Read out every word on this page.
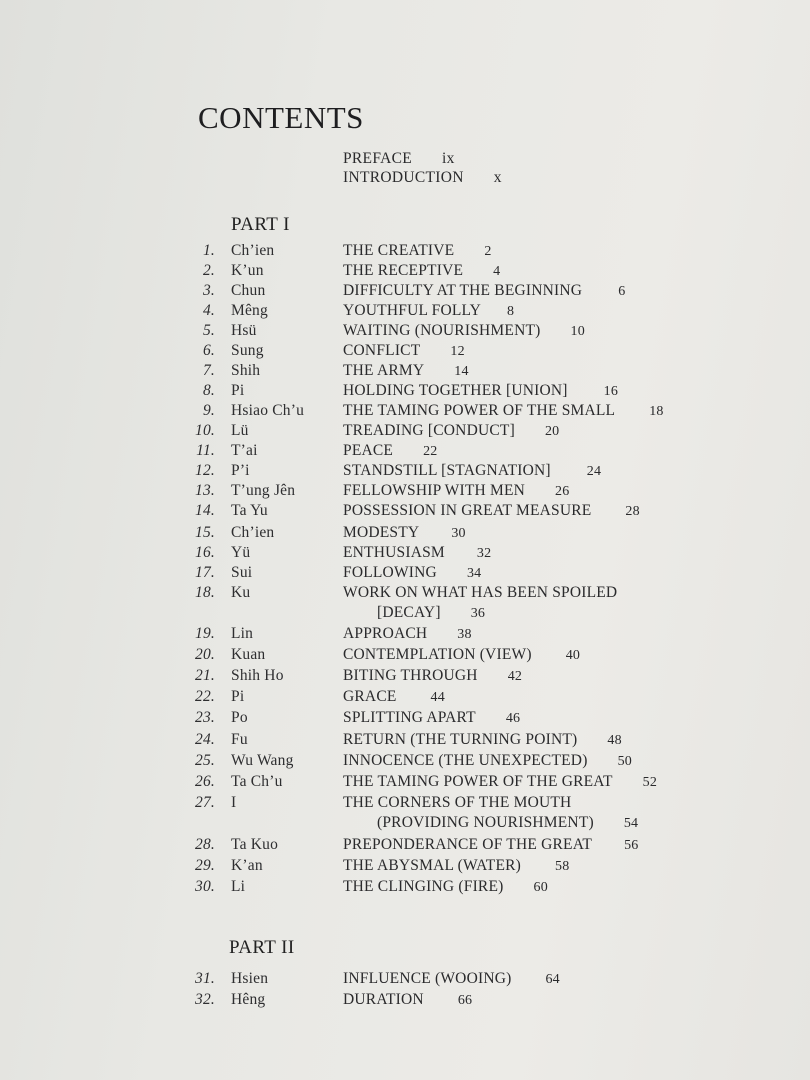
CONTENTS
PREFACE ix
INTRODUCTION x
PART I
PART II
1. Ch’ien	THE CREATIVE 2
2. K’un	THE RECEPTIVE 4
3. Chun	DIFFICULTY AT THE BEGINNING	6
4. Mêng	YOUTHFUL FOLLY 8
5. Hsü	WAITING (NOURISHMENT) 10
6. Sung	CONFLICT 12
7. Shih	THE ARMY 14
8. Pi	HOLDING TOGETHER [UNION]	16
9. Hsiao Ch’u	THE TAMING POWER OF THE SMALL 18
10. Lü	TREADING [CONDUCT] 20
11. T’ai	PEACE 22
12. P’i	STANDSTILL [STAGNATION]	24
13. T’ung Jên	FELLOWSHIP WITH MEN 26
14. Ta Yu	POSSESSION IN GREAT MEASURE 28
15. Ch’ien	MODESTY 30
16. Yü	ENTHUSIASM 32
17. Sui	FOLLOWING 34
18. Ku	WORK ON WHAT HAS BEEN SPOILED
[DECAY] 36
19. Lin	APPROACH 38
20. Kuan	CONTEMPLATION (VIEW) 40
21. Shih Ho	BITING THROUGH 42
22. Pi	GRACE 44
23. Po	SPLITTING APART 46
24. Fu	RETURN (THE TURNING POINT) 48
25. Wu Wang	INNOCENCE (THE UNEXPECTED) 50
26. Ta Ch’u	THE TAMING POWER OF THE GREAT 52
27. I	THE CORNERS OF THE MOUTH
(PROVIDING NOURISHMENT) 54
28. Ta Kuo	PREPONDERANCE OF THE GREAT 56
29. K’an	THE ABYSMAL (WATER) 58
30. Li	THE CLINGING (FIRE) 60
31. Hsien	INFLUENCE (WOOING) 64
32. Hêng	DURATION 66
